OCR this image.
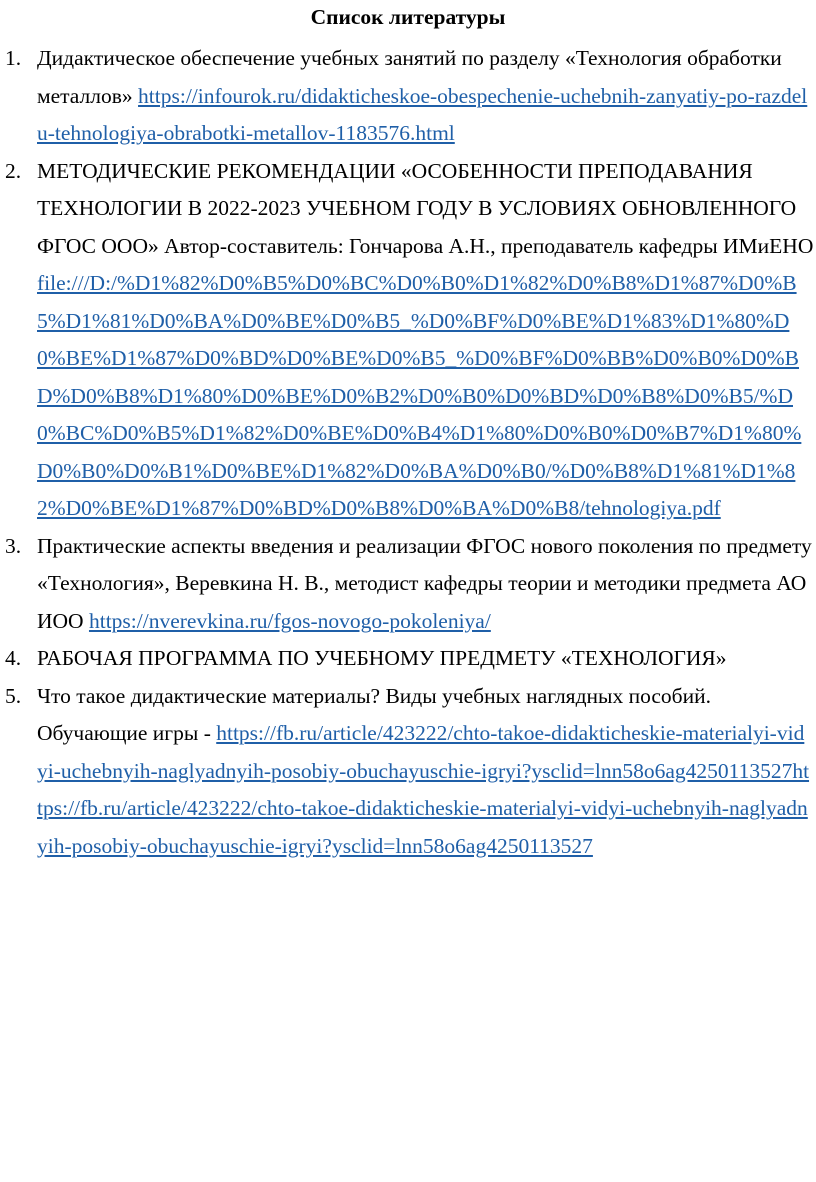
Список литературы
1. Дидактическое обеспечение учебных занятий по разделу «Технология обработки металлов» https://infourok.ru/didakticheskoe-obespechenie-uchebnih-zanyatiy-po-razdelu-tehnologiya-obrabotki-metallov-1183576.html
2. МЕТОДИЧЕСКИЕ РЕКОМЕНДАЦИИ «ОСОБЕННОСТИ ПРЕПОДАВАНИЯ ТЕХНОЛОГИИ В 2022-2023 УЧЕБНОМ ГОДУ В УСЛОВИЯХ ОБНОВЛЕННОГО ФГОС ООО» Автор-составитель: Гончарова А.Н., преподаватель кафедры ИМиЕНО file:///D:/%D1%82%D0%B5%D0%BC%D0%B0%D1%82%D0%B8%D1%87%D0%B5%D1%81%D0%BA%D0%BE%D0%B5_%D0%BF%D0%BE%D1%83%D1%80%D0%BE%D1%87%D0%BD%D0%BE%D0%B5_%D0%BF%D0%BB%D0%B0%D0%BD%D0%B8%D1%80%D0%BE%D0%B2%D0%B0%D0%BD%D0%B8%D0%B5/%D0%BC%D0%B5%D1%82%D0%BE%D0%B4%D1%80%D0%B0%D0%B7%D1%80%D0%B0%D0%B1%D0%BE%D1%82%D0%BA%D0%B0/%D0%B8%D1%81%D1%82%D0%BE%D1%87%D0%BD%D0%B8%D0%BA%D0%B8/tehnologiya.pdf
3. Практические аспекты введения и реализации ФГОС нового поколения по предмету «Технология», Веревкина Н. В., методист кафедры теории и методики предмета АО ИОО https://nverevkina.ru/fgos-novogo-pokoleniya/
4. РАБОЧАЯ ПРОГРАММА ПО УЧЕБНОМУ ПРЕДМЕТУ «ТЕХНОЛОГИЯ»
5. Что такое дидактические материалы? Виды учебных наглядных пособий. Обучающие игры - https://fb.ru/article/423222/chto-takoe-didakticheskie-materialyi-vidyi-uchebnyih-naglyadnyih-posobiy-obuchayuschie-igryi?ysclid=lnn58o6ag4250113527https://fb.ru/article/423222/chto-takoe-didakticheskie-materialyi-vidyi-uchebnyih-naglyadnyih-posobiy-obuchayuschie-igryi?ysclid=lnn58o6ag4250113527
